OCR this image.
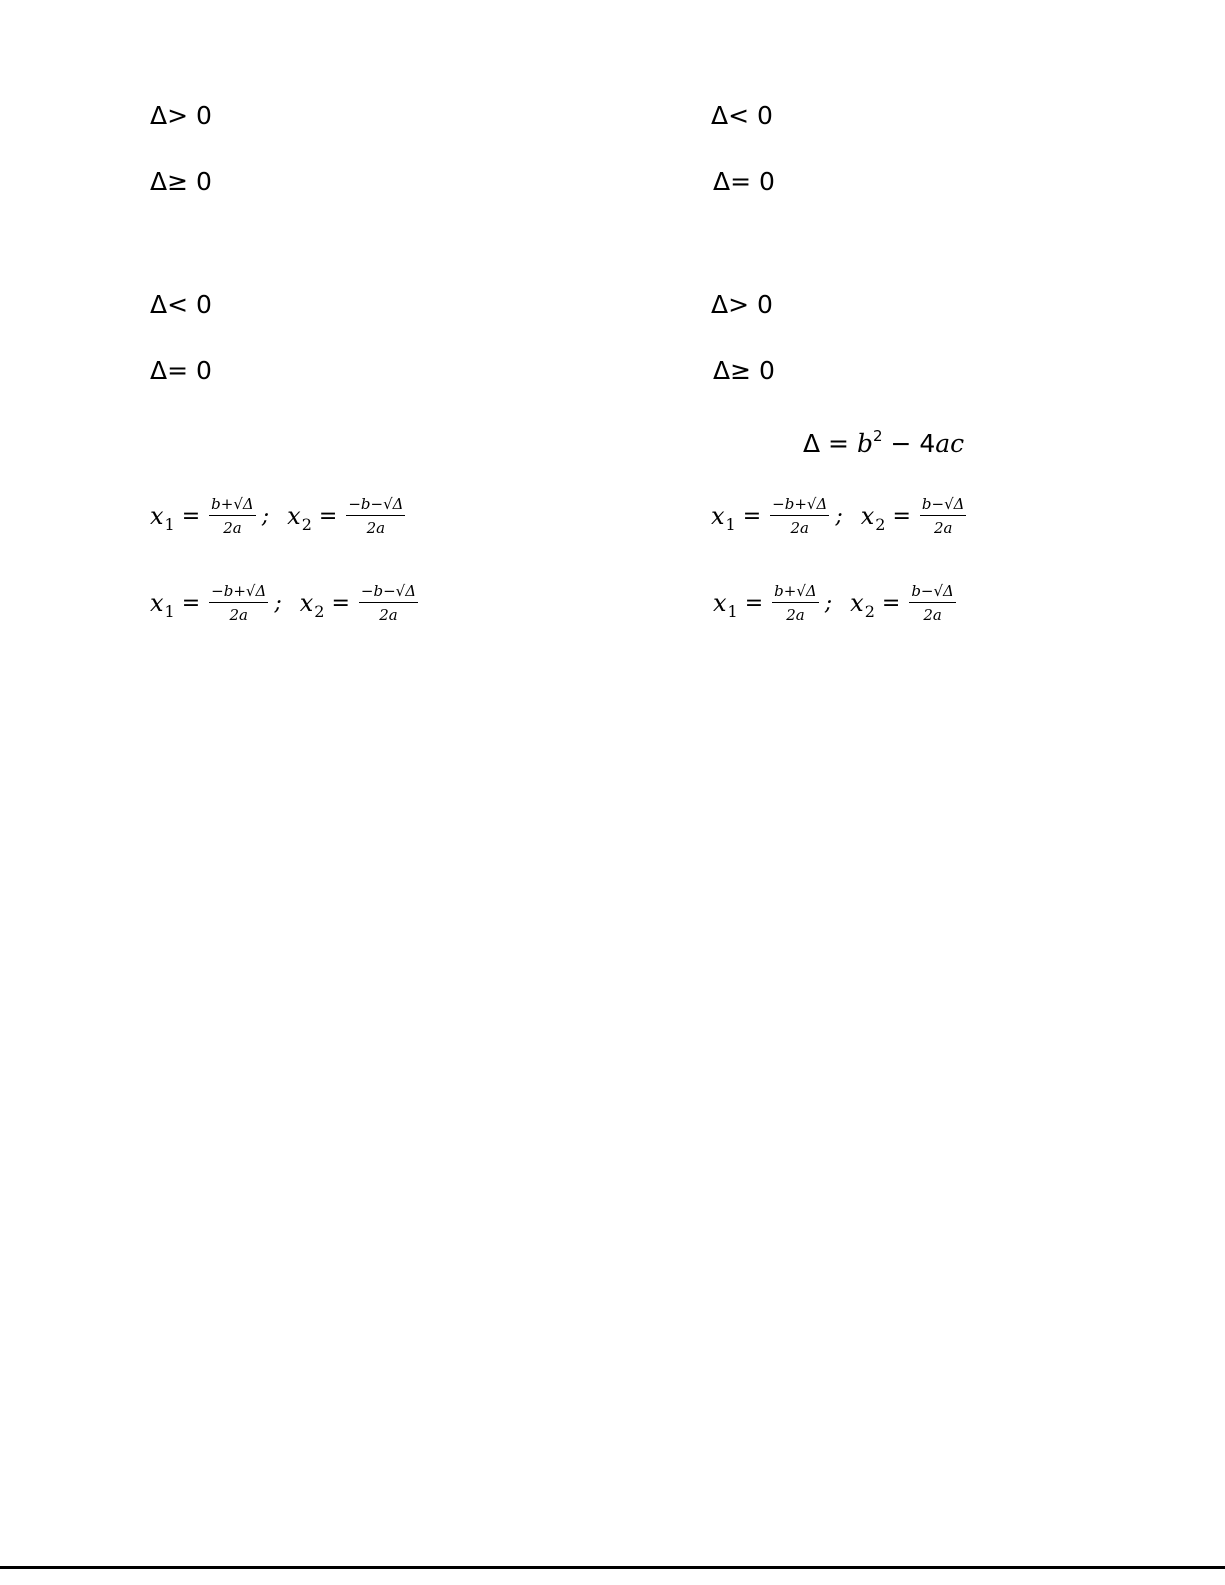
Δ> 0	Δ< 0
Δ≥ 0	Δ= 0
Δ< 0	Δ> 0
Δ= 0	Δ≥ 0
$\Delta = b^2 - 4ac$
$x_1 = \frac{b+√\Delta}{2a}$ ; $x_2 = \frac{-b-√\Delta}{2a}$	$x_1 = \frac{-b+√\Delta}{2a}$ ; $x_2 = \frac{b-√\Delta}{2a}$
$x_1 = \frac{-b+√\Delta}{2a}$ ; $x_2 = \frac{-b-√\Delta}{2a}$	$x_1 = \frac{b+√\Delta}{2a}$ ; $x_2 = \frac{b-√\Delta}{2a}$
